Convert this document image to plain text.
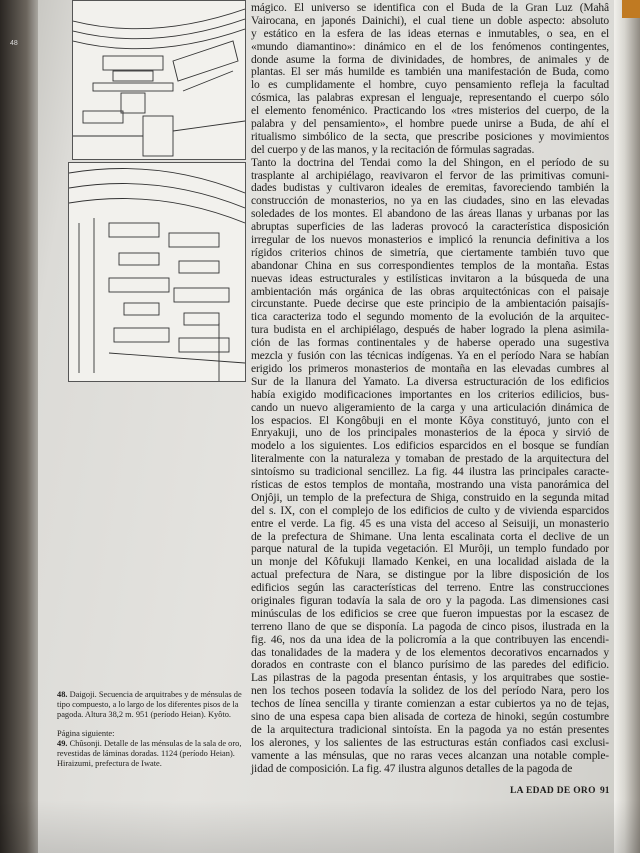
48
mágico. El universo se identifica con el Buda de la Gran Luz (Mahâ
Vairocana, en japonés Dainichi), el cual tiene un doble aspecto: absoluto
y estático en la esfera de las ideas eternas e inmutables, o sea, en el
«mundo diamantino»: dinámico en el de los fenómenos contingentes,
donde asume la forma de divinidades, de hombres, de animales y de
plantas. El ser más humilde es también una manifestación de Buda, como
lo es cumplidamente el hombre, cuyo pensamiento refleja la facultad
cósmica, las palabras expresan el lenguaje, representando el cuerpo sólo
el elemento fenoménico. Practicando los «tres misterios del cuerpo, de la
palabra y del pensamiento», el hombre puede unirse a Buda, de ahí el
ritualismo simbólico de la secta, que prescribe posiciones y movimientos
del cuerpo y de las manos, y la recitación de fórmulas sagradas.
Tanto la doctrina del Tendai como la del Shingon, en el período de su
trasplante al archipiélago, reavivaron el fervor de las primitivas comuni-
dades budistas y cultivaron ideales de eremitas, favoreciendo también la
construcción de monasterios, no ya en las ciudades, sino en las elevadas
soledades de los montes. El abandono de las áreas llanas y urbanas por las
abruptas superficies de las laderas provocó la característica disposición
irregular de los nuevos monasterios e implicó la renuncia definitiva a los
rígidos criterios chinos de simetría, que ciertamente también tuvo que
abandonar China en sus correspondientes templos de la montaña. Estas
nuevas ideas estructurales y estilísticas invitaron a la búsqueda de una
ambientación más orgánica de las obras arquitectónicas con el paisaje
circunstante. Puede decirse que este principio de la ambientación paisajís-
tica caracteriza todo el segundo momento de la evolución de la arquitec-
tura budista en el archipiélago, después de haber logrado la plena asimila-
ción de las formas continentales y de haberse operado una sugestiva
mezcla y fusión con las técnicas indígenas. Ya en el período Nara se habían
erigido los primeros monasterios de montaña en las elevadas cumbres al
Sur de la llanura del Yamato. La diversa estructuración de los edificios
había exigido modificaciones importantes en los criterios edilicios, bus-
cando un nuevo aligeramiento de la carga y una articulación dinámica de
los espacios. El Kongôbuji en el monte Kôya constituyó, junto con el
Enryakuji, uno de los principales monasterios de la época y sirvió de
modelo a los siguientes. Los edificios esparcidos en el bosque se fundían
literalmente con la naturaleza y tomaban de prestado de la arquitectura del
sintoísmo su tradicional sencillez. La fig. 44 ilustra las principales caracte-
rísticas de estos templos de montaña, mostrando una vista panorámica del
Onjôji, un templo de la prefectura de Shiga, construido en la segunda mitad
del s. IX, con el complejo de los edificios de culto y de vivienda esparcidos
entre el verde. La fig. 45 es una vista del acceso al Seisuiji, un monasterio
de la prefectura de Shimane. Una lenta escalinata corta el declive de un
parque natural de la tupida vegetación. El Murôji, un templo fundado por
un monje del Kôfukuji llamado Kenkei, en una localidad aislada de la
actual prefectura de Nara, se distingue por la libre disposición de los
edificios según las características del terreno. Entre las construcciones
originales figuran todavía la sala de oro y la pagoda. Las dimensiones casi
minúsculas de los edificios se cree que fueron impuestas por la escasez de
terreno llano de que se disponía. La pagoda de cinco pisos, ilustrada en la
fig. 46, nos da una idea de la policromía a la que contribuyen las encendi-
das tonalidades de la madera y de los elementos decorativos encarnados y
dorados en contraste con el blanco purísimo de las paredes del edificio.
Las pilastras de la pagoda presentan éntasis, y los arquitrabes que sostie-
nen los techos poseen todavía la solidez de los del período Nara, pero los
techos de línea sencilla y tirante comienzan a estar cubiertos ya no de tejas,
sino de una espesa capa bien alisada de corteza de hinoki, según costumbre
de la arquitectura tradicional sintoísta. En la pagoda ya no están presentes
los alerones, y los salientes de las estructuras están confiados casi exclusi-
vamente a las ménsulas, que no raras veces alcanzan una notable comple-
jidad de composición. La fig. 47 ilustra algunos detalles de la pagoda de
48. Daigoji. Secuencia de arquitrabes y de ménsulas de tipo compuesto, a lo largo de los diferentes pisos de la pagoda. Altura 38,2 m. 951 (período Heian). Kyôto.
Página siguiente:
49. Chûsonji. Detalle de las ménsulas de la sala de oro, revestidas de láminas doradas. 1124 (período Heian). Hiraizumi, prefectura de Iwate.
LA EDAD DE ORO 91
